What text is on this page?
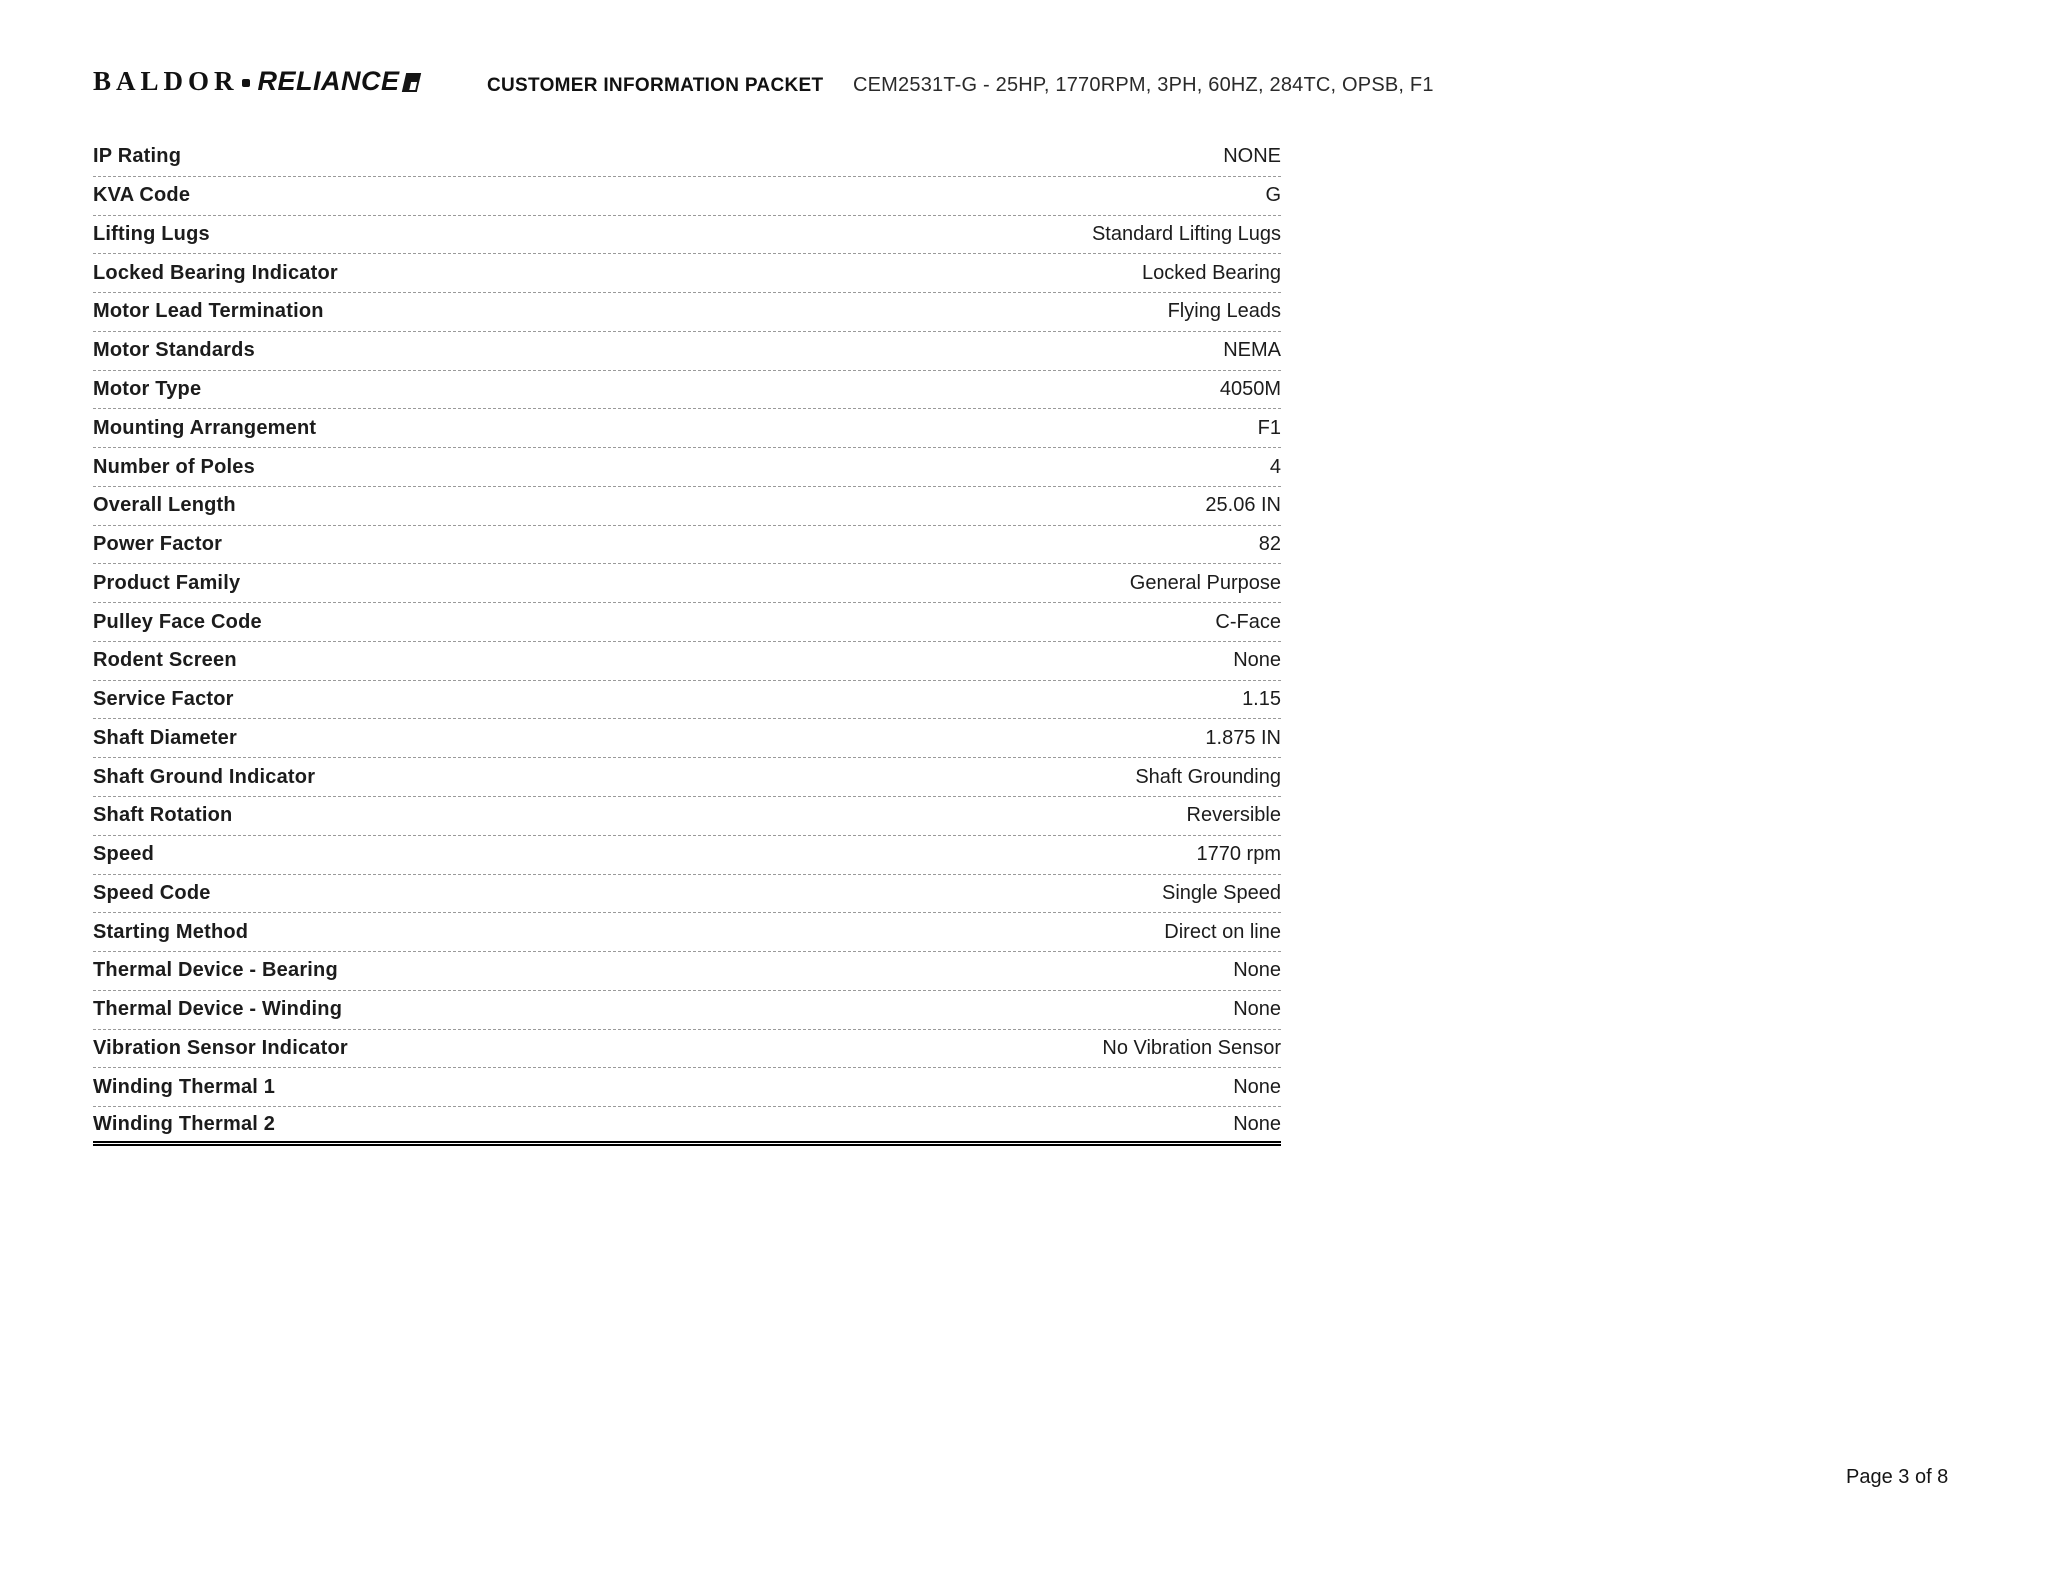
BALDOR RELIANCE	CUSTOMER INFORMATION PACKET CEM2531T-G - 25HP, 1770RPM, 3PH, 60HZ, 284TC, OPSB, F1
IP Rating	NONE
KVA Code	G
Lifting Lugs	Standard Lifting Lugs
Locked Bearing Indicator	Locked Bearing
Motor Lead Termination	Flying Leads
Motor Standards	NEMA
Motor Type	4050M
Mounting Arrangement	F1
Number of Poles	4
Overall Length	25.06 IN
Power Factor	82
Product Family	General Purpose
Pulley Face Code	C-Face
Rodent Screen	None
Service Factor	1.15
Shaft Diameter	1.875 IN
Shaft Ground Indicator	Shaft Grounding
Shaft Rotation	Reversible
Speed	1770 rpm
Speed Code	Single Speed
Starting Method	Direct on line
Thermal Device - Bearing	None
Thermal Device - Winding	None
Vibration Sensor Indicator	No Vibration Sensor
Winding Thermal 1	None
Winding Thermal 2	None
Page 3 of 8
